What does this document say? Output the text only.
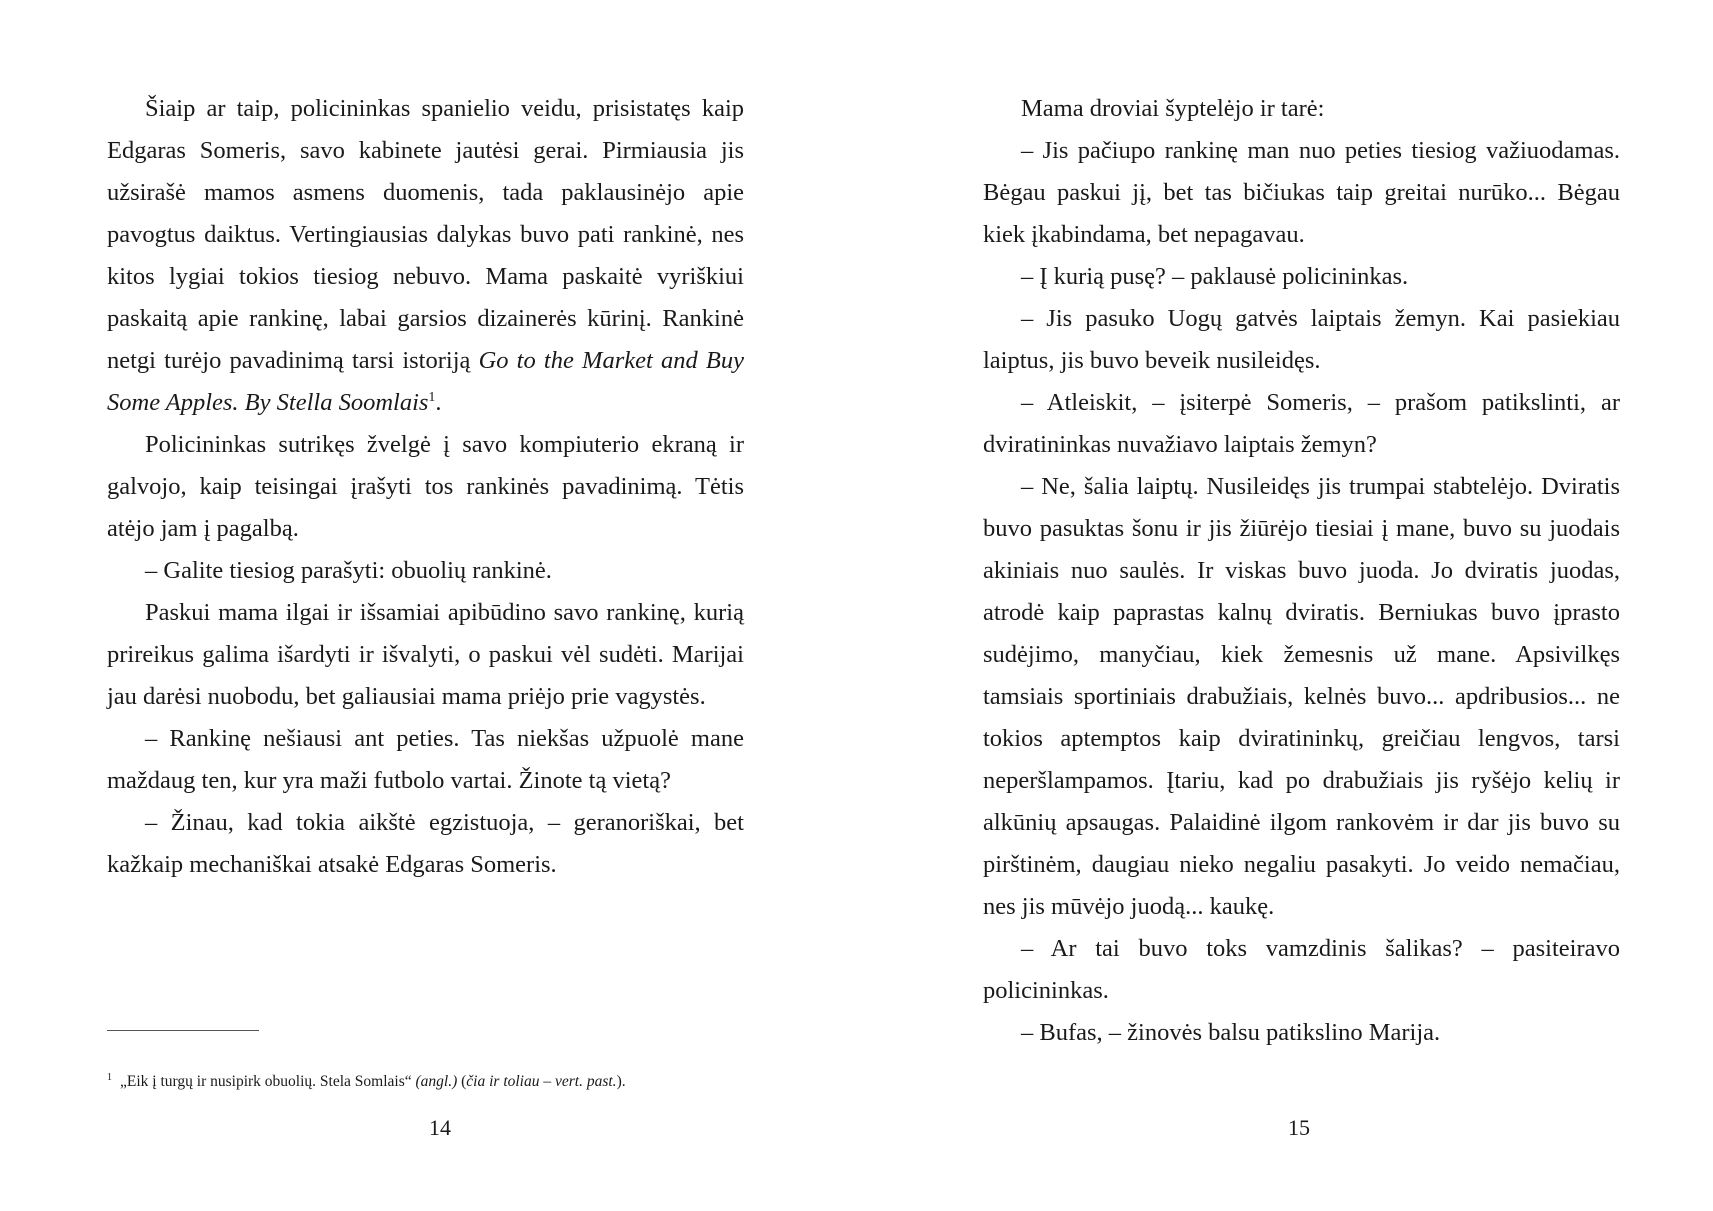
Šiaip ar taip, policininkas spanielio veidu, prisistatęs kaip Edgaras Someris, savo kabinete jautėsi gerai. Pirmiausia jis užsirašė mamos asmens duomenis, tada paklausinėjo apie pavogtus daiktus. Vertingiausias dalykas buvo pati rankinė, nes kitos lygiai tokios tiesiog nebuvo. Mama paskaitė vyriškiui paskaitą apie rankinę, labai garsios dizainerės kūrinį. Rankinė netgi turėjo pavadinimą tarsi istoriją Go to the Market and Buy Some Apples. By Stella Soomlais$^1$.

Policininkas sutrikęs žvelgė į savo kompiuterio ekraną ir galvojo, kaip teisingai įrašyti tos rankinės pavadinimą. Tėtis atėjo jam į pagalbą.

– Galite tiesiog parašyti: obuolių rankinė.

Paskui mama ilgai ir išsamiai apibūdino savo rankinę, kurią prireikus galima išardyti ir išvalyti, o paskui vėl sudėti. Marijai jau darėsi nuobodu, bet galiausiai mama priėjo prie vagystės.

– Rankinę nešiausi ant peties. Tas niekšas užpuolė mane maždaug ten, kur yra maži futbolo vartai. Žinote tą vietą?

– Žinau, kad tokia aikštė egzistuoja, – geranoriškai, bet kažkaip mechaniškai atsakė Edgaras Someris.

$^1$ „Eik į turgų ir nusipirk obuolių. Stela Somlais“ (angl.) (čia ir toliau – vert. past.).
14

Mama droviai šyptelėjo ir tarė:

– Jis pačiupo rankinę man nuo peties tiesiog važiuodamas. Bėgau paskui jį, bet tas bičiukas taip greitai nurūko... Bėgau kiek įkabindama, bet nepagavau.

– Į kurią pusę? – paklausė policininkas.

– Jis pasuko Uogų gatvės laiptais žemyn. Kai pasiekiau laiptus, jis buvo beveik nusileidęs.

– Atleiskit, – įsiterpė Someris, – prašom patikslinti, ar dviratininkas nuvažiavo laiptais žemyn?

– Ne, šalia laiptų. Nusileidęs jis trumpai stabtelėjo. Dviratis buvo pasuktas šonu ir jis žiūrėjo tiesiai į mane, buvo su juodais akiniais nuo saulės. Ir viskas buvo juoda. Jo dviratis juodas, atrodė kaip paprastas kalnų dviratis. Berniukas buvo įprasto sudėjimo, manyčiau, kiek žemesnis už mane. Apsivilkęs tamsiais sportiniais drabužiais, kelnės buvo... apdribusios... ne tokios aptemptos kaip dviratininkų, greičiau lengvos, tarsi neperšlampamos. Įtariu, kad po drabužiais jis ryšėjo kelių ir alkūnių apsaugas. Palaidinė ilgom rankovėm ir dar jis buvo su pirštinėm, daugiau nieko negaliu pasakyti. Jo veido nemačiau, nes jis mūvėjo juodą... kaukę.

– Ar tai buvo toks vamzdinis šalikas? – pasiteiravo policininkas.

– Bufas, – žinovės balsu patikslino Marija.

15
